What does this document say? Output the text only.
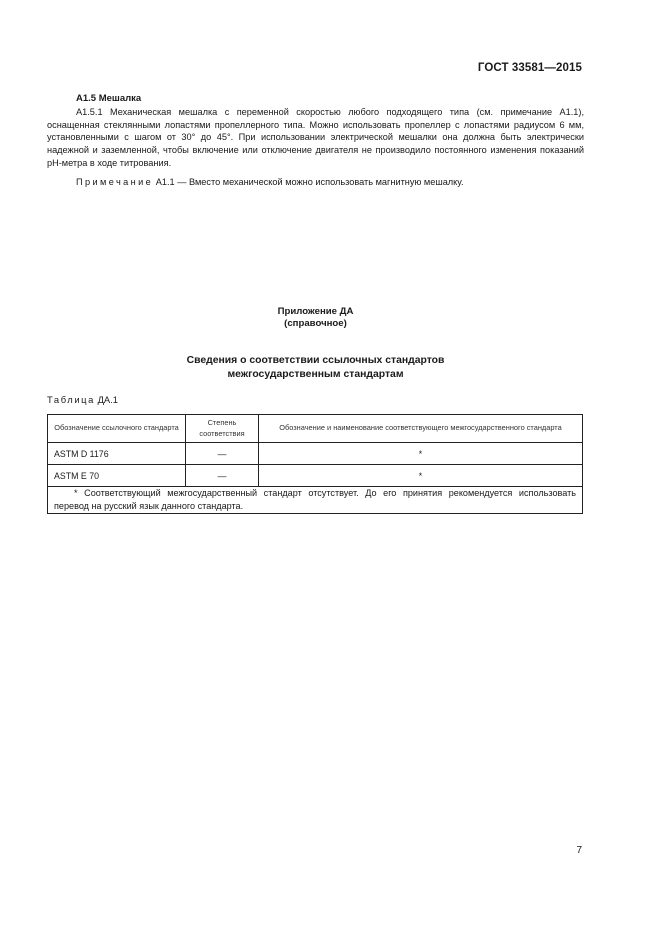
ГОСТ 33581—2015
A1.5 Мешалка
А1.5.1 Механическая мешалка с переменной скоростью любого подходящего типа (см. примечание А1.1), оснащенная стеклянными лопастями пропеллерного типа. Можно использовать пропеллер с лопастями радиусом 6 мм, установленными с шагом от 30° до 45°. При использовании электрической мешалки она должна быть электрически надежной и заземленной, чтобы включение или отключение двигателя не производило постоянного изменения показаний pH-метра в ходе титрования.
Примечание А1.1 — Вместо механической можно использовать магнитную мешалку.
Приложение ДА
(справочное)
Сведения о соответствии ссылочных стандартов
межгосударственным стандартам
Таблица ДА.1
Обозначение ссылочного стандарта	Степень соответствия	Обозначение и наименование соответствующего межгосударственного стандарта
ASTM D 1176	—	*
ASTM E 70	—	*
* Соответствующий межгосударственный стандарт отсутствует. До его принятия рекомендуется использовать перевод на русский язык данного стандарта.		
7
